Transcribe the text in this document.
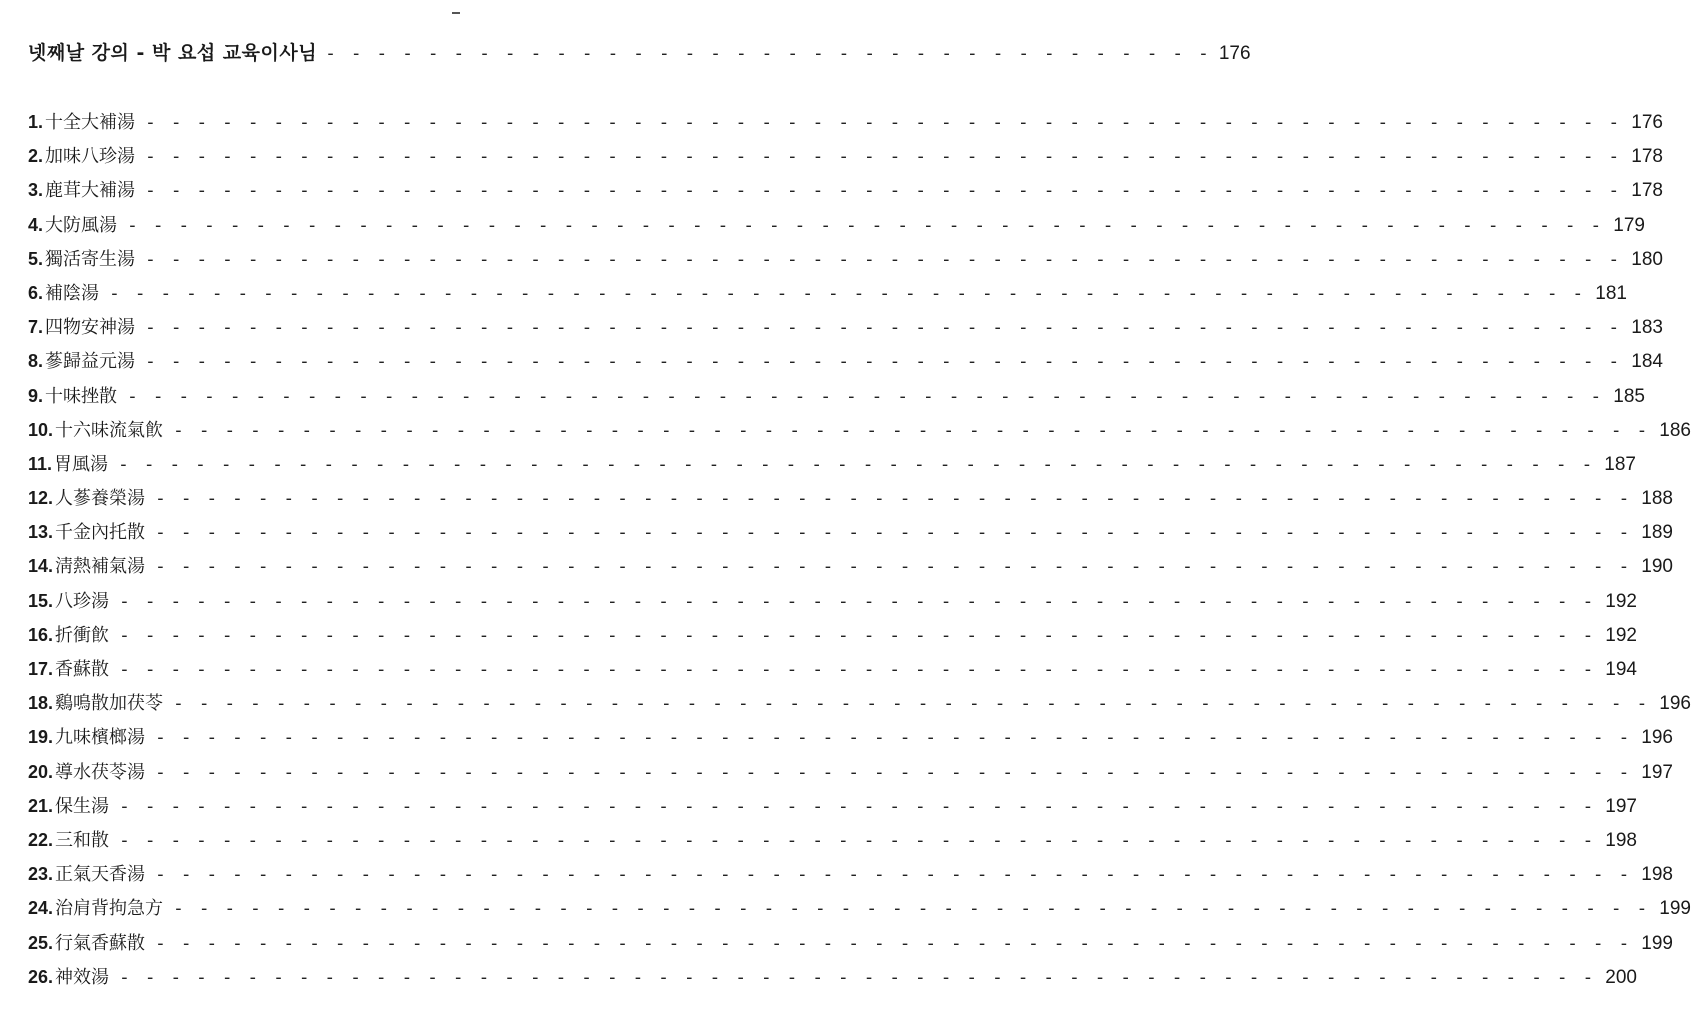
넷째날 강의 - 박 요섭 교육이사님 - - - - - - - - - - - - - - - - - - - - - - - - - - - - - - - - - - - 176
1. 十全大補湯 - - - - - - - - - - - - - - - - - - - - - - - - - - - - - - - - - - - - - - - - - - - - - - - - - - - - - - - - - - 176
2. 加味八珍湯 - - - - - - - - - - - - - - - - - - - - - - - - - - - - - - - - - - - - - - - - - - - - - - - - - - - - - - - - - - 178
3. 鹿茸大補湯 - - - - - - - - - - - - - - - - - - - - - - - - - - - - - - - - - - - - - - - - - - - - - - - - - - - - - - - - - - 178
4. 大防風湯 - - - - - - - - - - - - - - - - - - - - - - - - - - - - - - - - - - - - - - - - - - - - - - - - - - - - - - - - - - 179
5. 獨活寄生湯 - - - - - - - - - - - - - - - - - - - - - - - - - - - - - - - - - - - - - - - - - - - - - - - - - - - - - - - - - - 180
6. 補陰湯 - - - - - - - - - - - - - - - - - - - - - - - - - - - - - - - - - - - - - - - - - - - - - - - - - - - - - - - - - - 181
7. 四物安神湯 - - - - - - - - - - - - - - - - - - - - - - - - - - - - - - - - - - - - - - - - - - - - - - - - - - - - - - - - - - 183
8. 蔘歸益元湯 - - - - - - - - - - - - - - - - - - - - - - - - - - - - - - - - - - - - - - - - - - - - - - - - - - - - - - - - - - 184
9. 十味挫散 - - - - - - - - - - - - - - - - - - - - - - - - - - - - - - - - - - - - - - - - - - - - - - - - - - - - - - - - - - 185
10. 十六味流氣飮 - - - - - - - - - - - - - - - - - - - - - - - - - - - - - - - - - - - - - - - - - - - - - - - - - - - - - - - - - - 186
11. 胃風湯 - - - - - - - - - - - - - - - - - - - - - - - - - - - - - - - - - - - - - - - - - - - - - - - - - - - - - - - - - - 187
12. 人蔘養榮湯 - - - - - - - - - - - - - - - - - - - - - - - - - - - - - - - - - - - - - - - - - - - - - - - - - - - - - - - - - - 188
13. 千金內托散 - - - - - - - - - - - - - - - - - - - - - - - - - - - - - - - - - - - - - - - - - - - - - - - - - - - - - - - - - - 189
14. 淸熱補氣湯 - - - - - - - - - - - - - - - - - - - - - - - - - - - - - - - - - - - - - - - - - - - - - - - - - - - - - - - - - - 190
15. 八珍湯 - - - - - - - - - - - - - - - - - - - - - - - - - - - - - - - - - - - - - - - - - - - - - - - - - - - - - - - - - - 192
16. 折衝飮 - - - - - - - - - - - - - - - - - - - - - - - - - - - - - - - - - - - - - - - - - - - - - - - - - - - - - - - - - - 192
17. 香蘇散 - - - - - - - - - - - - - - - - - - - - - - - - - - - - - - - - - - - - - - - - - - - - - - - - - - - - - - - - - - 194
18. 鷄鳴散加茯苓 - - - - - - - - - - - - - - - - - - - - - - - - - - - - - - - - - - - - - - - - - - - - - - - - - - - - - - - - - - 196
19. 九味檳榔湯 - - - - - - - - - - - - - - - - - - - - - - - - - - - - - - - - - - - - - - - - - - - - - - - - - - - - - - - - - - 196
20. 導水茯苓湯 - - - - - - - - - - - - - - - - - - - - - - - - - - - - - - - - - - - - - - - - - - - - - - - - - - - - - - - - - - 197
21. 保生湯 - - - - - - - - - - - - - - - - - - - - - - - - - - - - - - - - - - - - - - - - - - - - - - - - - - - - - - - - - - 197
22. 三和散 - - - - - - - - - - - - - - - - - - - - - - - - - - - - - - - - - - - - - - - - - - - - - - - - - - - - - - - - - - 198
23. 正氣天香湯 - - - - - - - - - - - - - - - - - - - - - - - - - - - - - - - - - - - - - - - - - - - - - - - - - - - - - - - - - - 198
24. 治肩背拘急方 - - - - - - - - - - - - - - - - - - - - - - - - - - - - - - - - - - - - - - - - - - - - - - - - - - - - - - - - - - 199
25. 行氣香蘇散 - - - - - - - - - - - - - - - - - - - - - - - - - - - - - - - - - - - - - - - - - - - - - - - - - - - - - - - - - - 199
26. 神效湯 - - - - - - - - - - - - - - - - - - - - - - - - - - - - - - - - - - - - - - - - - - - - - - - - - - - - - - - - - - 200
